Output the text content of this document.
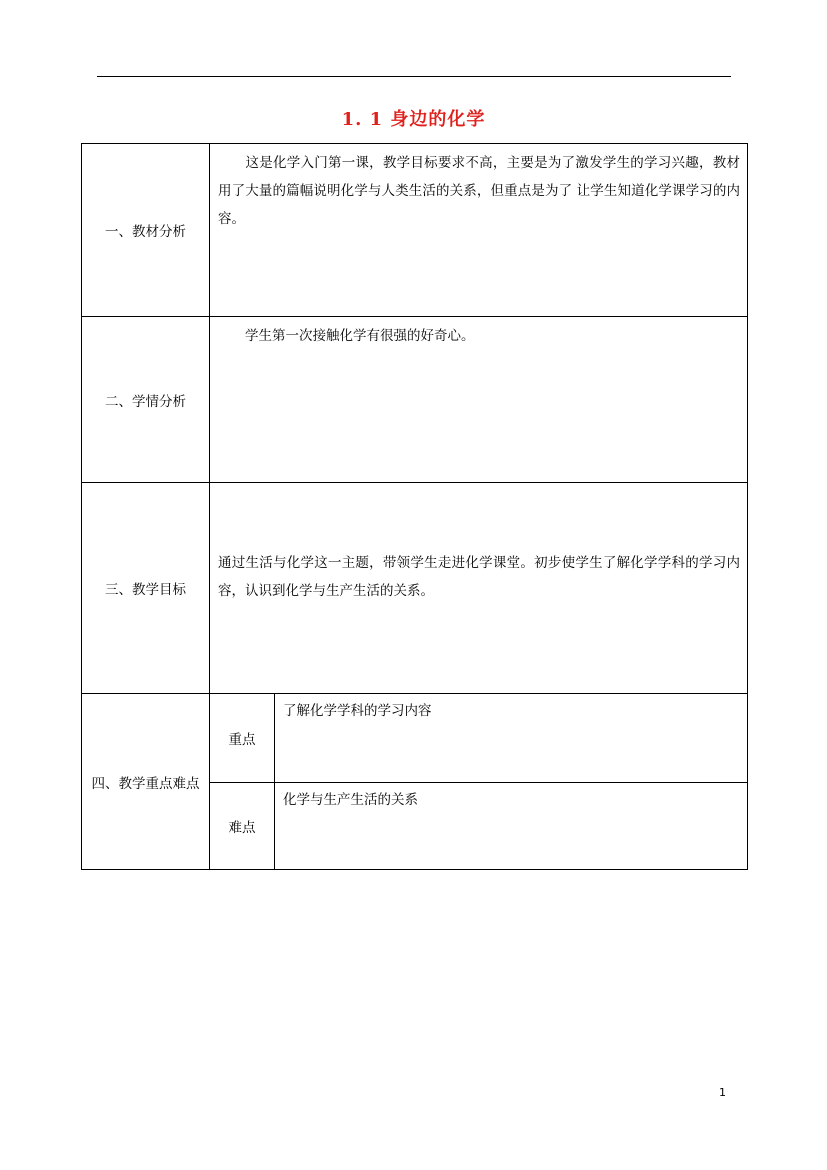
1. 1 身边的化学
一、教材分析	　　这是化学入门第一课，教学目标要求不高，主要是为了激发学生的学习兴趣，教材用了大量的篇幅说明化学与人类生活的关系，但重点是为了 让学生知道化学课学习的内容。	
二、学情分析	　　学生第一次接触化学有很强的好奇心。	
三、教学目标	通过生活与化学这一主题，带领学生走进化学课堂。初步使学生了解化学学科的学习内容，认识到化学与生产生活的关系。	
四、教学重点难点	重点	了解化学学科的学习内容
	难点	化学与生产生活的关系
1
